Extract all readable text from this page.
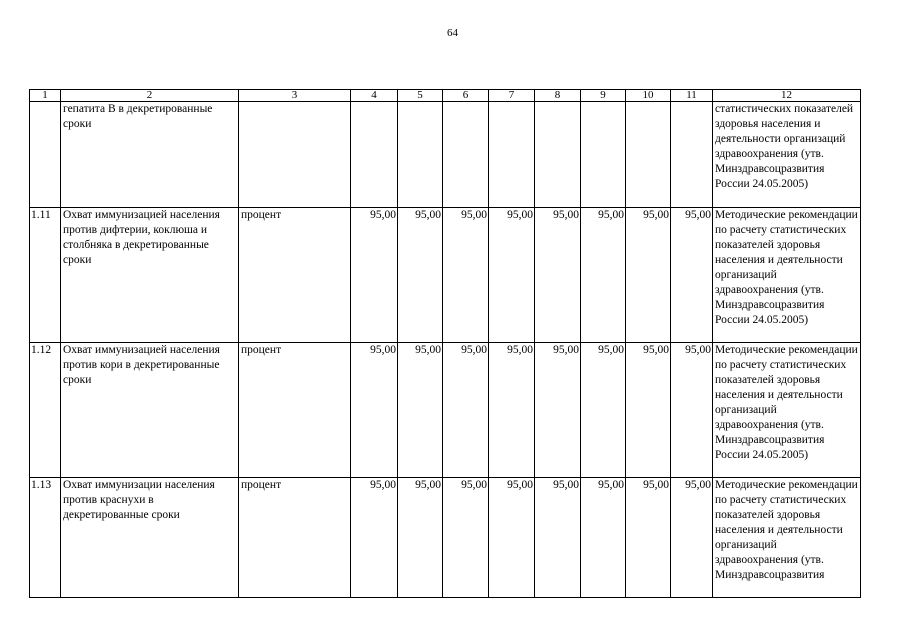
64
1	2	3	4	5	6	7	8	9	10	11	12
	гепатита В в декретированные сроки										статистических показателей здоровья населения и деятельности организаций здравоохранения (утв. Минздравсоцразвития России 24.05.2005)
1.11	Охват иммунизацией населения против дифтерии, коклюша и столбняка в декретированные сроки	процент	95,00	95,00	95,00	95,00	95,00	95,00	95,00	95,00	Методические рекомендации по расчету статистических показателей здоровья населения и деятельности организаций здравоохранения (утв. Минздравсоцразвития России 24.05.2005)
1.12	Охват иммунизацией населения против кори в декретированные сроки	процент	95,00	95,00	95,00	95,00	95,00	95,00	95,00	95,00	Методические рекомендации по расчету статистических показателей здоровья населения и деятельности организаций здравоохранения (утв. Минздравсоцразвития России 24.05.2005)
1.13	Охват иммунизации населения против краснухи в декретированные сроки	процент	95,00	95,00	95,00	95,00	95,00	95,00	95,00	95,00	Методические рекомендации по расчету статистических показателей здоровья населения и деятельности организаций здравоохранения (утв. Минздравсоцразвития
